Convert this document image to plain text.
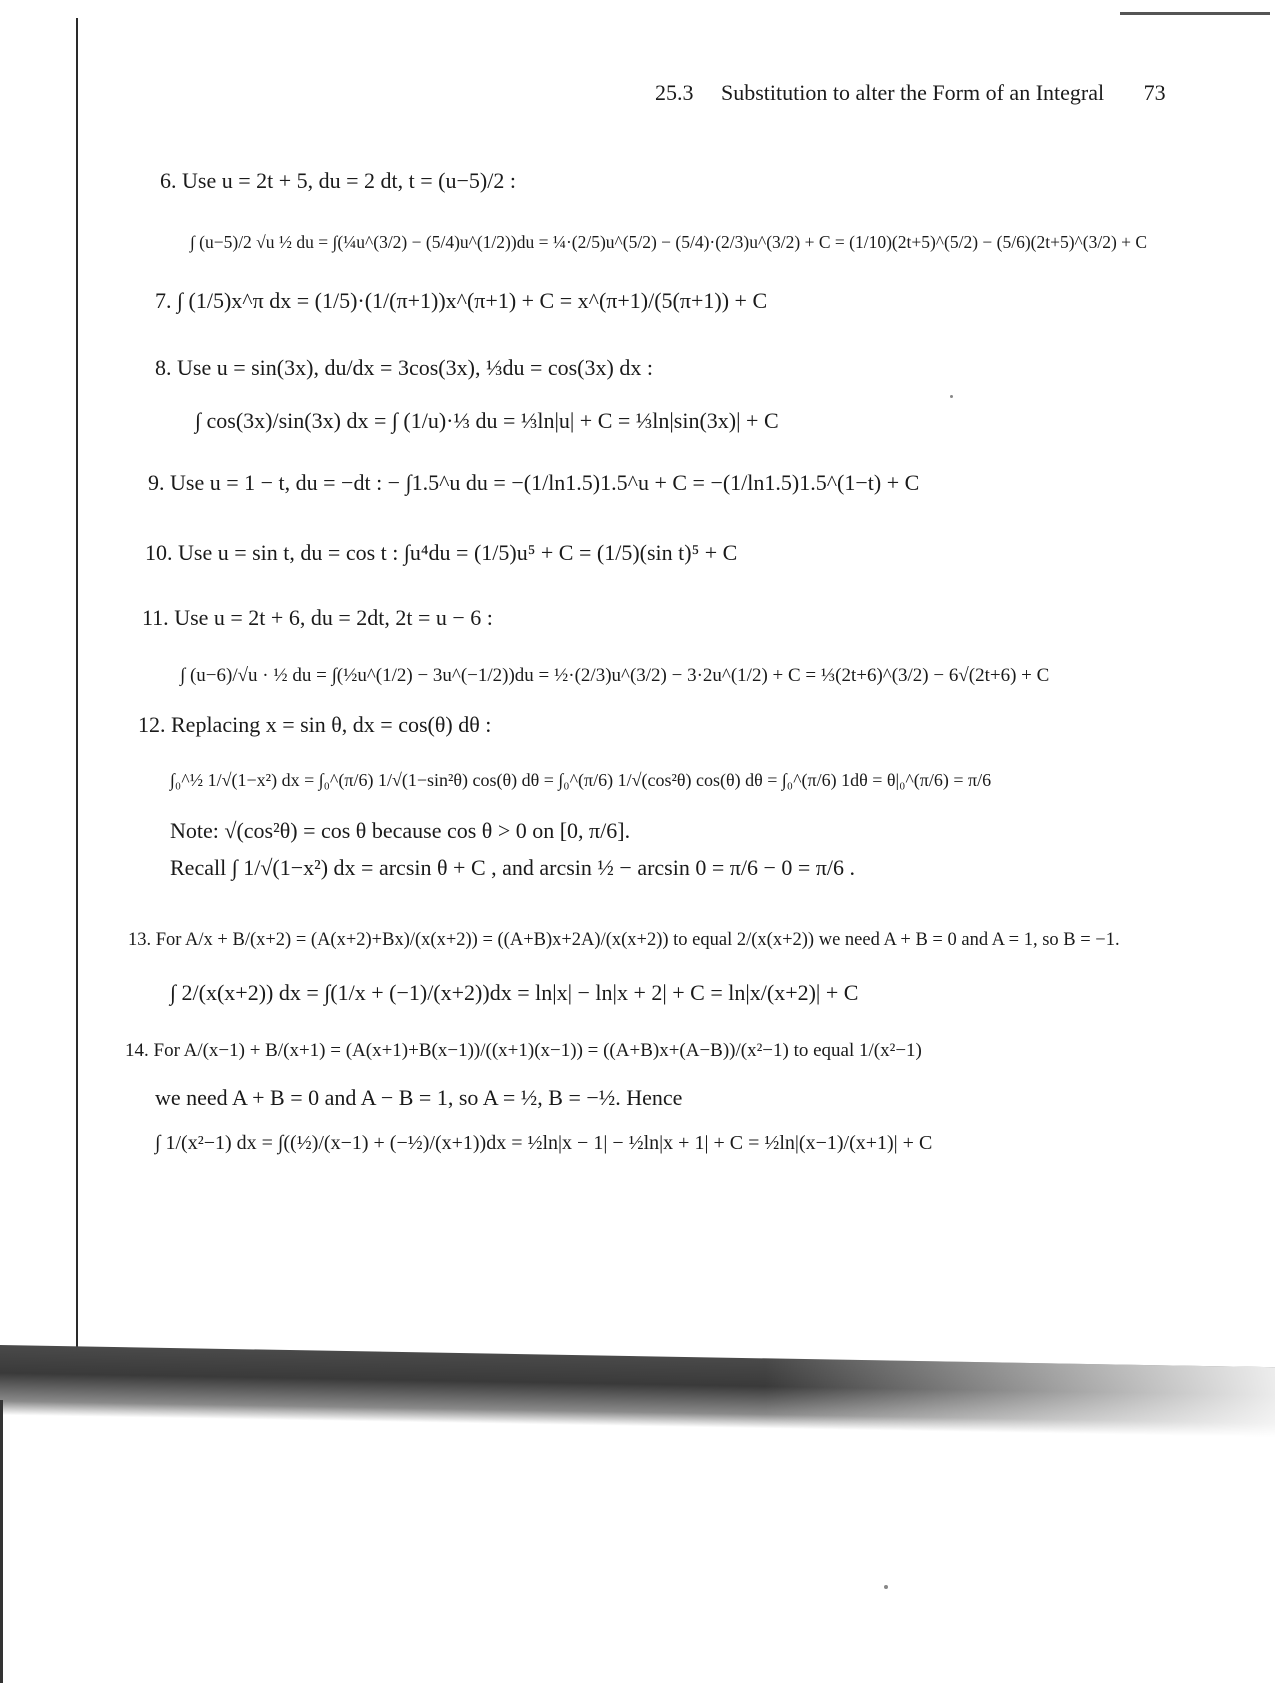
25.3 Substitution to alter the Form of an Integral 73
6. Use u = 2t + 5, du = 2 dt, t = (u−5)/2 :
∫ (u−5)/2 √u ½ du = ∫(¼u^(3/2) − (5/4)u^(1/2))du = ¼·(2/5)u^(5/2) − (5/4)·(2/3)u^(3/2) + C = (1/10)(2t+5)^(5/2) − (5/6)(2t+5)^(3/2) + C
7. ∫ (1/5)x^π dx = (1/5)·(1/(π+1))x^(π+1) + C = x^(π+1)/(5(π+1)) + C
8. Use u = sin(3x), du/dx = 3cos(3x), ⅓du = cos(3x) dx :
∫ cos(3x)/sin(3x) dx = ∫ (1/u)·⅓ du = ⅓ln|u| + C = ⅓ln|sin(3x)| + C
9. Use u = 1 − t, du = −dt : − ∫1.5^u du = −(1/ln1.5)1.5^u + C = −(1/ln1.5)1.5^(1−t) + C
10. Use u = sin t, du = cos t : ∫u⁴du = (1/5)u⁵ + C = (1/5)(sin t)⁵ + C
11. Use u = 2t + 6, du = 2dt, 2t = u − 6 :
∫ (u−6)/√u · ½ du = ∫(½u^(1/2) − 3u^(−1/2))du = ½·(2/3)u^(3/2) − 3·2u^(1/2) + C = ⅓(2t+6)^(3/2) − 6√(2t+6) + C
12. Replacing x = sin θ, dx = cos(θ) dθ :
∫₀^½ 1/√(1−x²) dx = ∫₀^(π/6) 1/√(1−sin²θ) cos(θ) dθ = ∫₀^(π/6) 1/√(cos²θ) cos(θ) dθ = ∫₀^(π/6) 1dθ = θ|₀^(π/6) = π/6
Note: √(cos²θ) = cos θ because cos θ > 0 on [0, π/6].
Recall ∫ 1/√(1−x²) dx = arcsin θ + C , and arcsin ½ − arcsin 0 = π/6 − 0 = π/6 .
13. For A/x + B/(x+2) = (A(x+2)+Bx)/(x(x+2)) = ((A+B)x+2A)/(x(x+2)) to equal 2/(x(x+2)) we need A + B = 0 and A = 1, so B = −1.
∫ 2/(x(x+2)) dx = ∫(1/x + (−1)/(x+2))dx = ln|x| − ln|x + 2| + C = ln|x/(x+2)| + C
14. For A/(x−1) + B/(x+1) = (A(x+1)+B(x−1))/((x+1)(x−1)) = ((A+B)x+(A−B))/(x²−1) to equal 1/(x²−1)
we need A + B = 0 and A − B = 1, so A = ½, B = −½. Hence
∫ 1/(x²−1) dx = ∫((½)/(x−1) + (−½)/(x+1))dx = ½ln|x − 1| − ½ln|x + 1| + C = ½ln|(x−1)/(x+1)| + C
